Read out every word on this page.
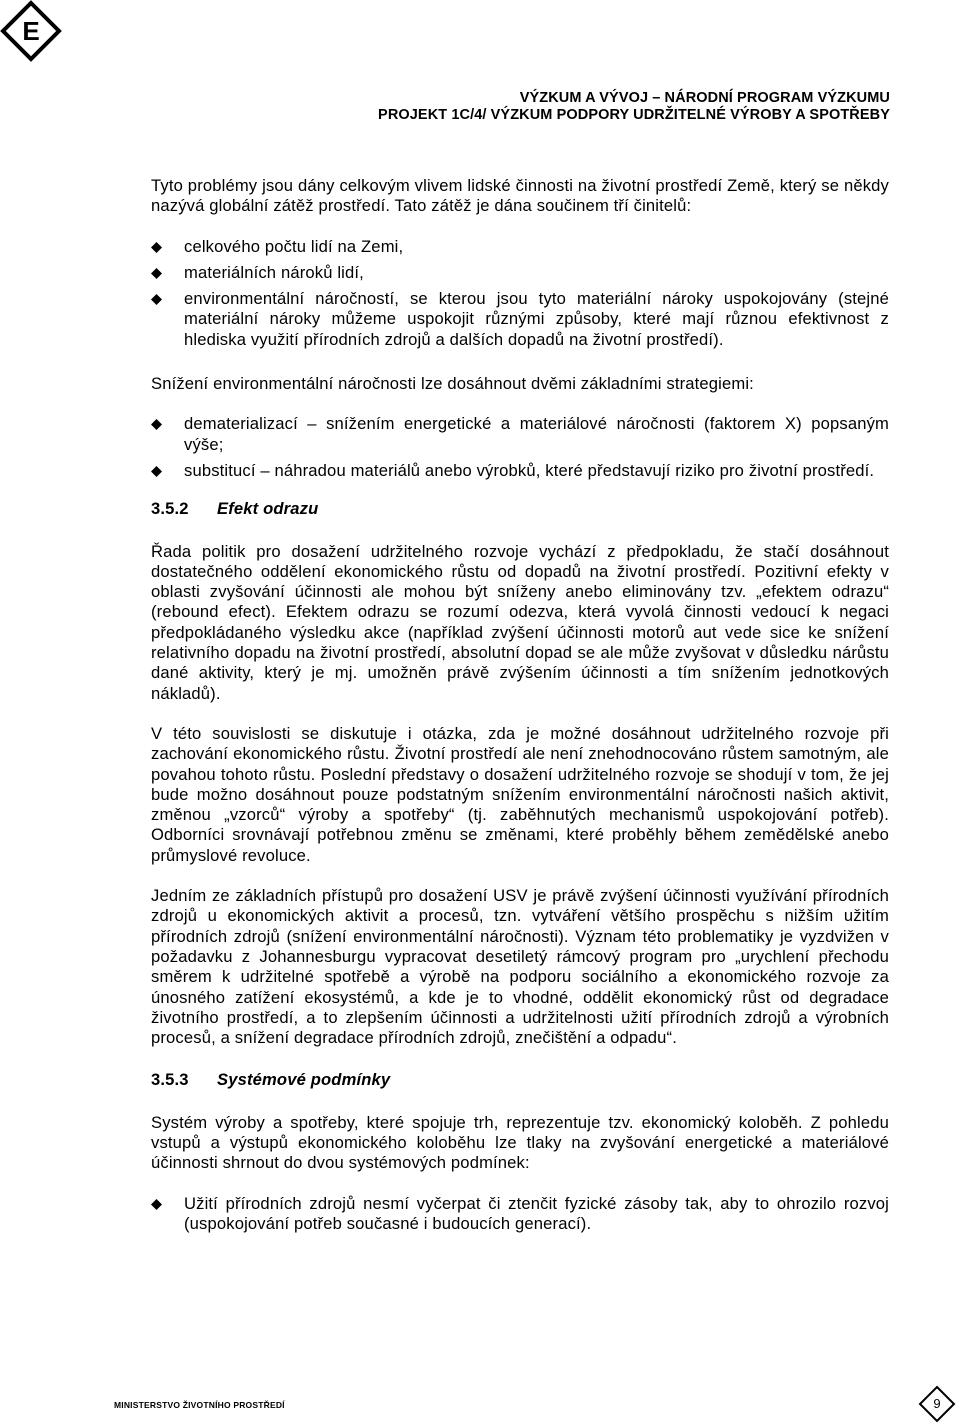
E
VÝZKUM A VÝVOJ – NÁRODNÍ PROGRAM VÝZKUMU
PROJEKT 1C/4/ VÝZKUM PODPORY UDRŽITELNÉ VÝROBY A SPOTŘEBY

Tyto problémy jsou dány celkovým vlivem lidské činnosti na životní prostředí Země, který se někdy nazývá globální zátěž prostředí. Tato zátěž je dána součinem tří činitelů:

celkového počtu lidí na Zemi,
materiálních nároků lidí,
environmentální náročností, se kterou jsou tyto materiální nároky uspokojovány (stejné materiální nároky můžeme uspokojit různými způsoby, které mají různou efektivnost z hlediska využití přírodních zdrojů a dalších dopadů na životní prostředí).

Snížení environmentální náročnosti lze dosáhnout dvěmi základními strategiemi:

dematerializací – snížením energetické a materiálové náročnosti (faktorem X) popsaným výše;
substitucí – náhradou materiálů anebo výrobků, které představují riziko pro životní prostředí.
3.5.2 Efekt odrazu

Řada politik pro dosažení udržitelného rozvoje vychází z předpokladu, že stačí dosáhnout dostatečného oddělení ekonomického růstu od dopadů na životní prostředí. Pozitivní efekty v oblasti zvyšování účinnosti ale mohou být sníženy anebo eliminovány tzv. „efektem odrazu“ (rebound efect). Efektem odrazu se rozumí odezva, která vyvolá činnosti vedoucí k negaci předpokládaného výsledku akce (například zvýšení účinnosti motorů aut vede sice ke snížení relativního dopadu na životní prostředí, absolutní dopad se ale může zvyšovat v důsledku nárůstu dané aktivity, který je mj. umožněn právě zvýšením účinnosti a tím snížením jednotkových nákladů).

V této souvislosti se diskutuje i otázka, zda je možné dosáhnout udržitelného rozvoje při zachování ekonomického růstu. Životní prostředí ale není znehodnocováno růstem samotným, ale povahou tohoto růstu. Poslední představy o dosažení udržitelného rozvoje se shodují v tom, že jej bude možno dosáhnout pouze podstatným snížením environmentální náročnosti našich aktivit, změnou „vzorců“ výroby a spotřeby“ (tj. zaběhnutých mechanismů uspokojování potřeb). Odborníci srovnávají potřebnou změnu se změnami, které proběhly během zemědělské anebo průmyslové revoluce.

Jedním ze základních přístupů pro dosažení USV je právě zvýšení účinnosti využívání přírodních zdrojů u ekonomických aktivit a procesů, tzn. vytváření většího prospěchu s nižším užitím přírodních zdrojů (snížení environmentální náročnosti). Význam této problematiky je vyzdvižen v požadavku z Johannesburgu vypracovat desetiletý rámcový program pro „urychlení přechodu směrem k udržitelné spotřebě a výrobě na podporu sociálního a ekonomického rozvoje za únosného zatížení ekosystémů, a kde je to vhodné, oddělit ekonomický růst od degradace životního prostředí, a to zlepšením účinnosti a udržitelnosti užití přírodních zdrojů a výrobních procesů, a snížení degradace přírodních zdrojů, znečištění a odpadu“.

3.5.3 Systémové podmínky

Systém výroby a spotřeby, které spojuje trh, reprezentuje tzv. ekonomický koloběh. Z pohledu vstupů a výstupů ekonomického koloběhu lze tlaky na zvyšování energetické a materiálové účinnosti shrnout do dvou systémových podmínek:

Užití přírodních zdrojů nesmí vyčerpat či ztenčit fyzické zásoby tak, aby to ohrozilo rozvoj (uspokojování potřeb současné i budoucích generací).
MINISTERSTVO ŽIVOTNÍHO PROSTŘEDÍ	9
